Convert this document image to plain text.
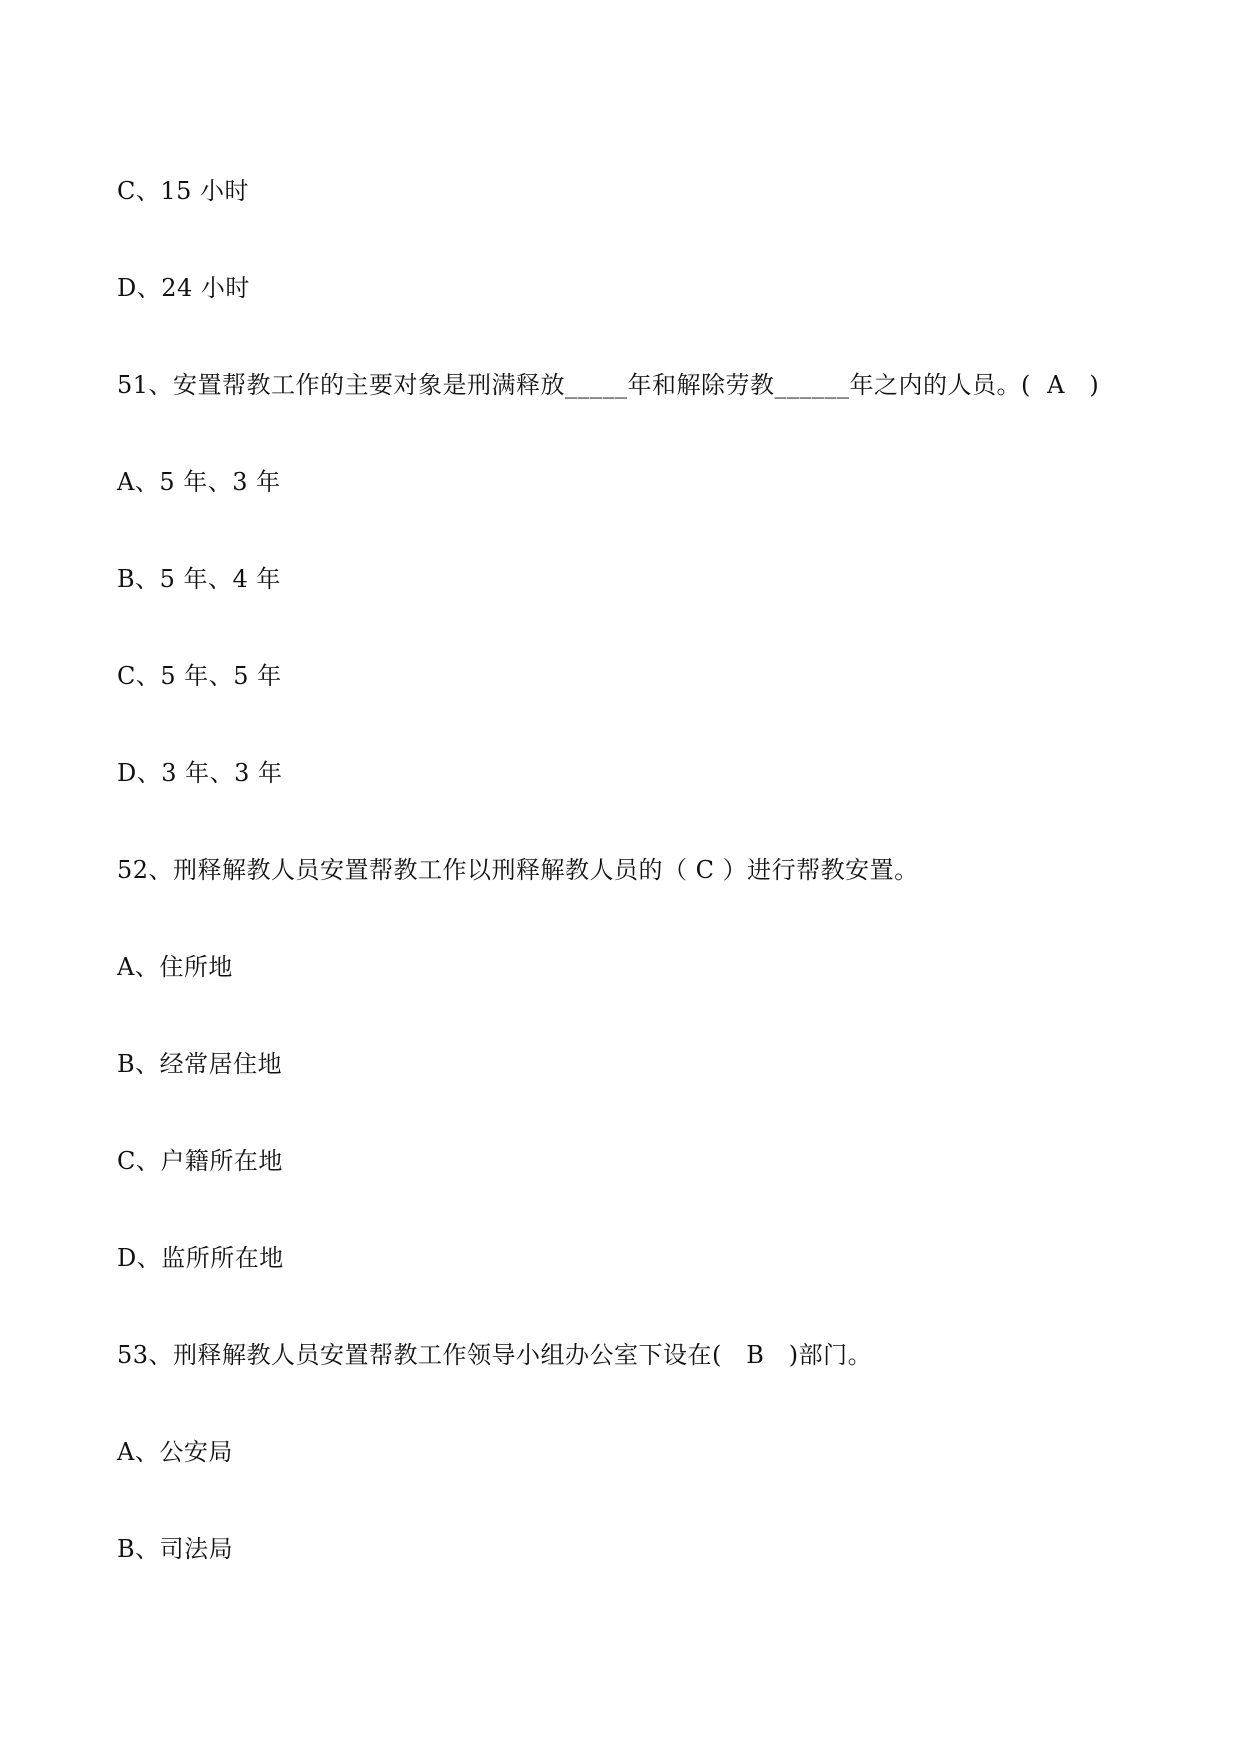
C、15 小时
D、24 小时
51、安置帮教工作的主要对象是刑满释放_____年和解除劳教______年之内的人员。(  A   )
A、5 年、3 年
B、5 年、4 年
C、5 年、5 年
D、3 年、3 年
52、刑释解教人员安置帮教工作以刑释解教人员的（ C ）进行帮教安置。
A、住所地
B、经常居住地
C、户籍所在地
D、监所所在地
53、刑释解教人员安置帮教工作领导小组办公室下设在(   B   )部门。
A、公安局
B、司法局
